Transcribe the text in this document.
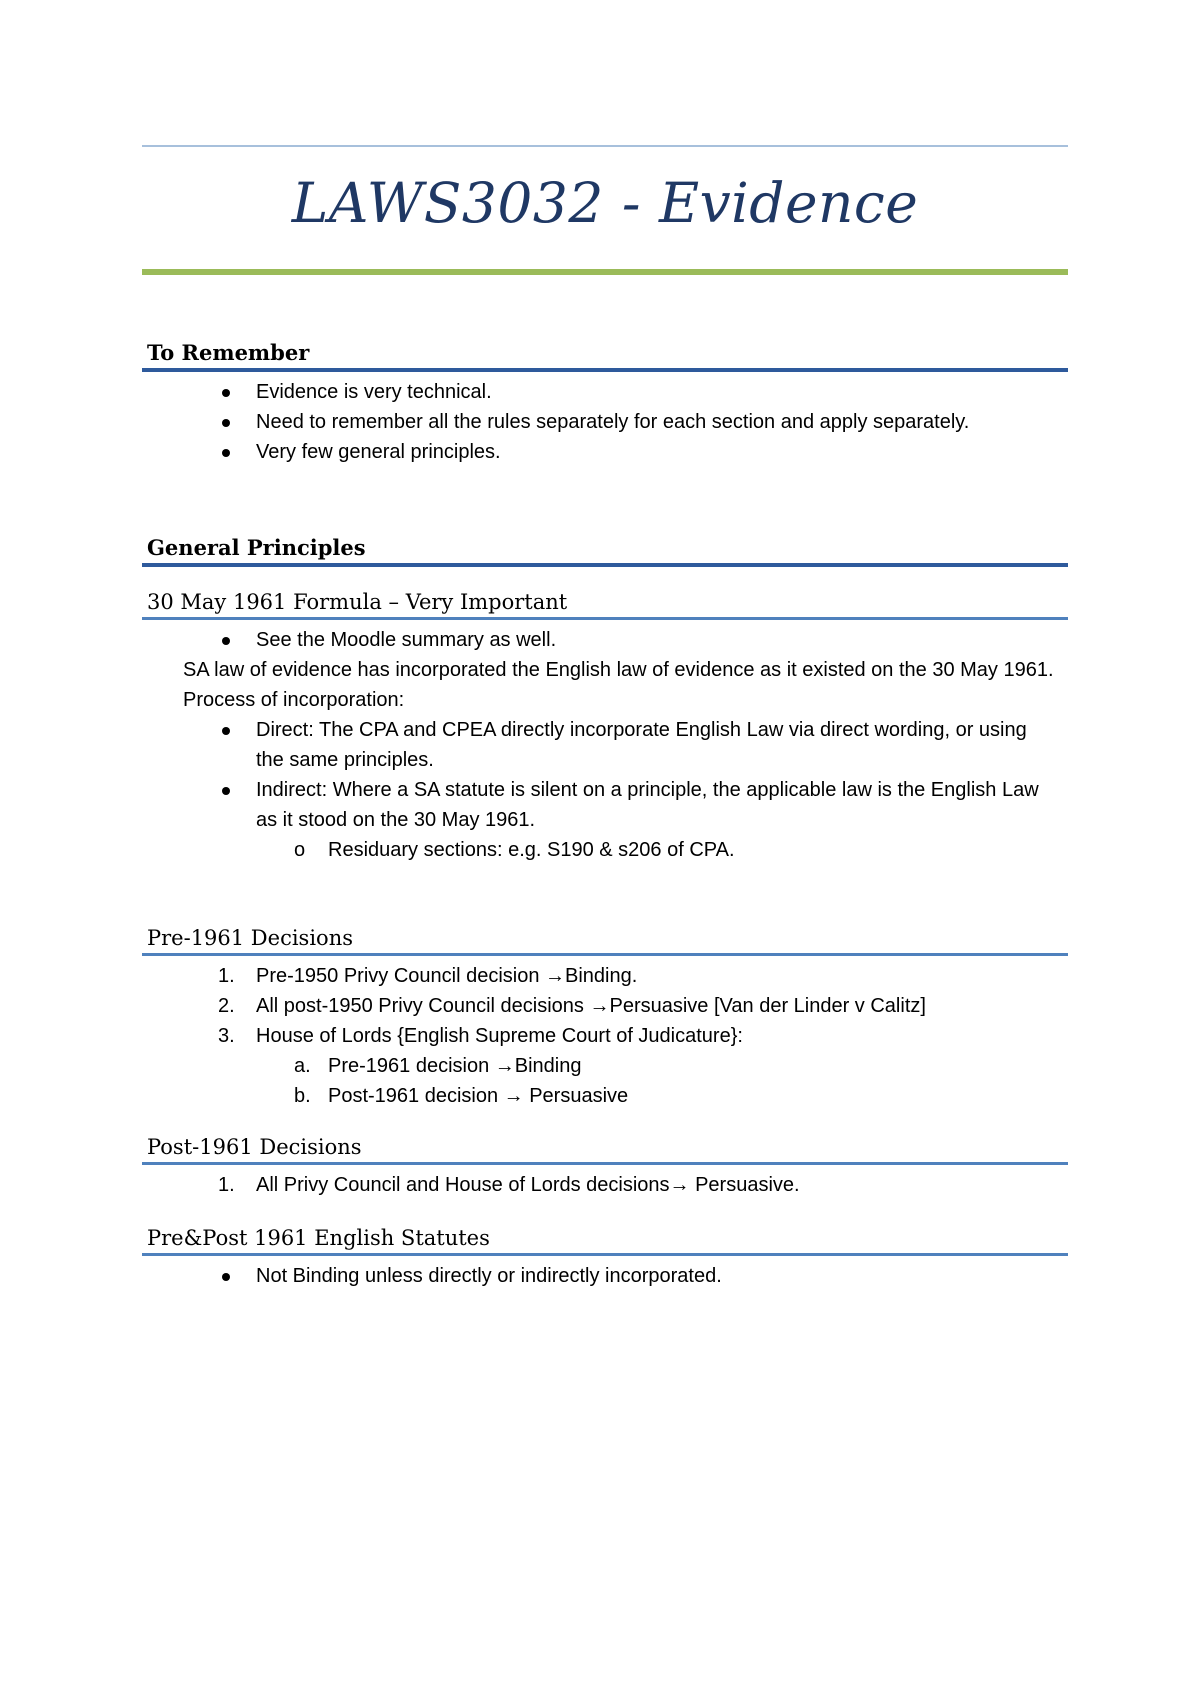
LAWS3032 - Evidence
To Remember
Evidence is very technical.
Need to remember all the rules separately for each section and apply separately.
Very few general principles.
General Principles
30 May 1961 Formula – Very Important
See the Moodle summary as well.
SA law of evidence has incorporated the English law of evidence as it existed on the 30 May 1961.
Process of incorporation:
Direct: The CPA and CPEA directly incorporate English Law via direct wording, or using the same principles.
Indirect: Where a SA statute is silent on a principle, the applicable law is the English Law as it stood on the 30 May 1961.
o	Residuary sections: e.g. S190 & s206 of CPA.
Pre-1961 Decisions
1.	Pre-1950 Privy Council decision →Binding.
2.	All post-1950 Privy Council decisions →Persuasive [Van der Linder v Calitz]
3.	House of Lords {English Supreme Court of Judicature}:
a. Pre-1961 decision →Binding
b. Post-1961 decision → Persuasive
Post-1961 Decisions
1.	All Privy Council and House of Lords decisions→ Persuasive.
Pre&Post 1961 English Statutes
Not Binding unless directly or indirectly incorporated.
